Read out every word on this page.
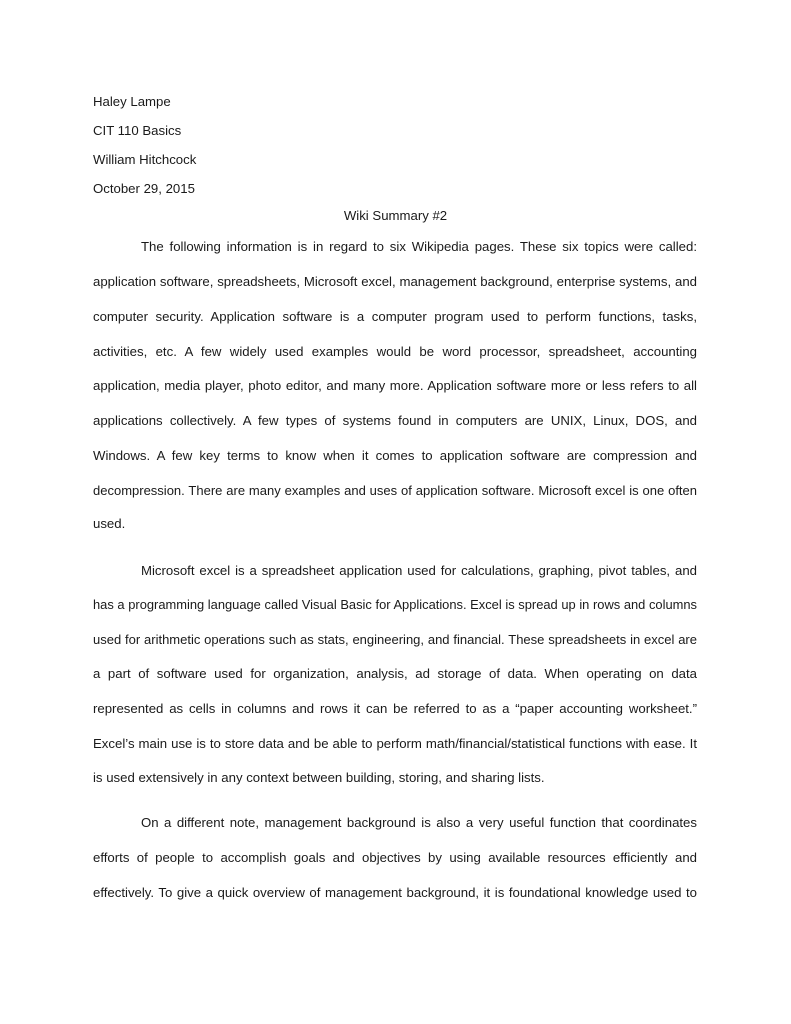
Haley Lampe
CIT 110 Basics
William Hitchcock
October 29, 2015
Wiki Summary #2
The following information is in regard to six Wikipedia pages. These six topics were called:
application software, spreadsheets, Microsoft excel, management background, enterprise systems, and
computer security. Application software is a computer program used to perform functions, tasks,
activities, etc. A few widely used examples would be word processor, spreadsheet, accounting
application, media player, photo editor, and many more. Application software more or less refers to all
applications collectively. A few types of systems found in computers are UNIX, Linux, DOS, and
Windows. A few key terms to know when it comes to application software are compression and
decompression. There are many examples and uses of application software. Microsoft excel is one often
used.
Microsoft excel is a spreadsheet application used for calculations, graphing, pivot tables, and
has a programming language called Visual Basic for Applications. Excel is spread up in rows and columns
used for arithmetic operations such as stats, engineering, and financial. These spreadsheets in excel are
a part of software used for organization, analysis, ad storage of data. When operating on data
represented as cells in columns and rows it can be referred to as a “paper accounting worksheet.”
Excel’s main use is to store data and be able to perform math/financial/statistical functions with ease. It
is used extensively in any context between building, storing, and sharing lists.
On a different note, management background is also a very useful function that coordinates
efforts of people to accomplish goals and objectives by using available resources efficiently and
effectively. To give a quick overview of management background, it is foundational knowledge used to
